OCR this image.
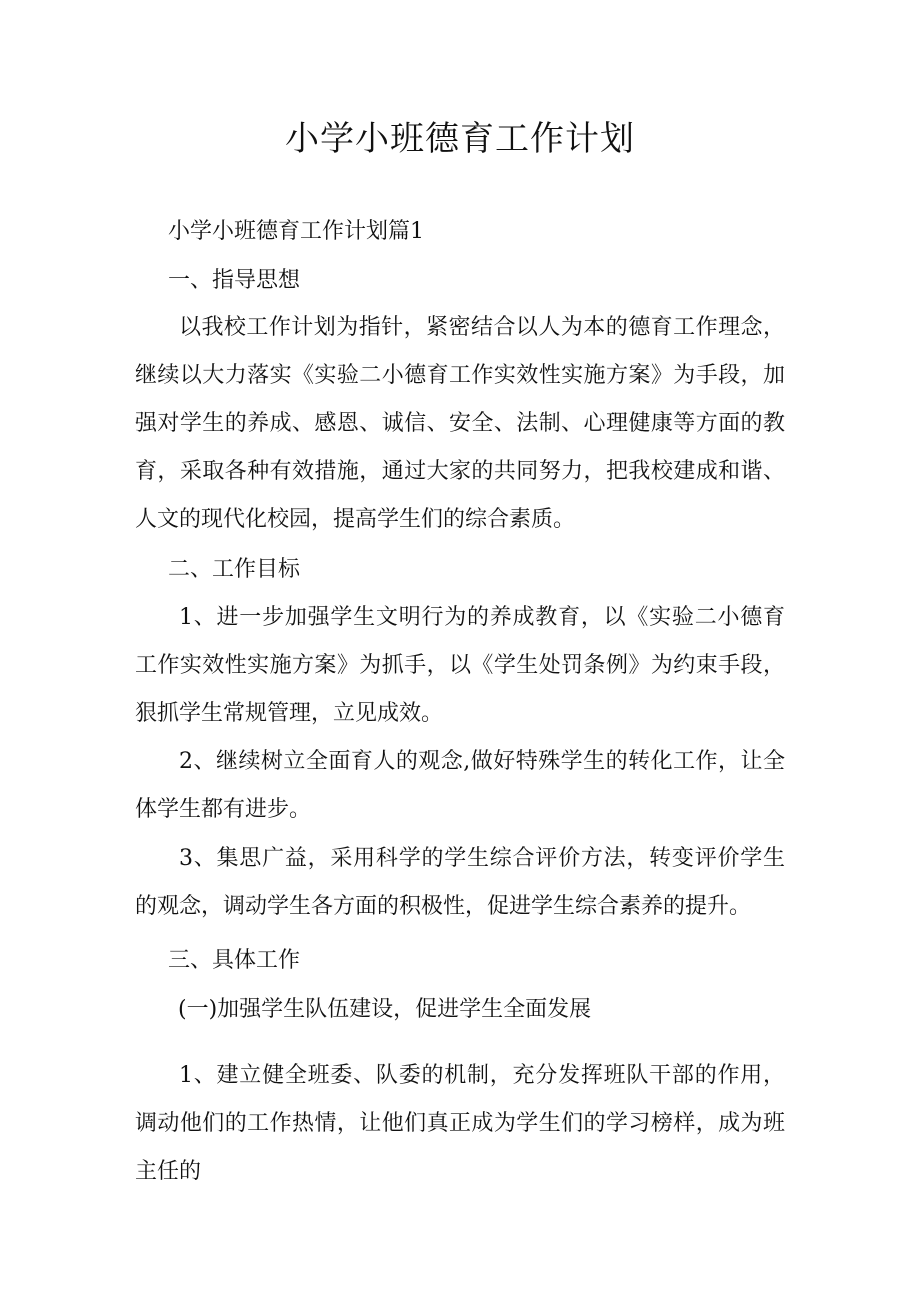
小学小班德育工作计划

小学小班德育工作计划篇1

一、指导思想

以我校工作计划为指针，紧密结合以人为本的德育工作理念，继续以大力落实《实验二小德育工作实效性实施方案》为手段，加强对学生的养成、感恩、诚信、安全、法制、心理健康等方面的教育，采取各种有效措施，通过大家的共同努力，把我校建成和谐、人文的现代化校园，提高学生们的综合素质。

二、工作目标

1、进一步加强学生文明行为的养成教育，以《实验二小德育工作实效性实施方案》为抓手，以《学生处罚条例》为约束手段，狠抓学生常规管理，立见成效。

2、继续树立全面育人的观念,做好特殊学生的转化工作，让全体学生都有进步。

3、集思广益，采用科学的学生综合评价方法，转变评价学生的观念，调动学生各方面的积极性，促进学生综合素养的提升。

三、具体工作

(一)加强学生队伍建设，促进学生全面发展

1、建立健全班委、队委的机制，充分发挥班队干部的作用，调动他们的工作热情，让他们真正成为学生们的学习榜样，成为班主任的
